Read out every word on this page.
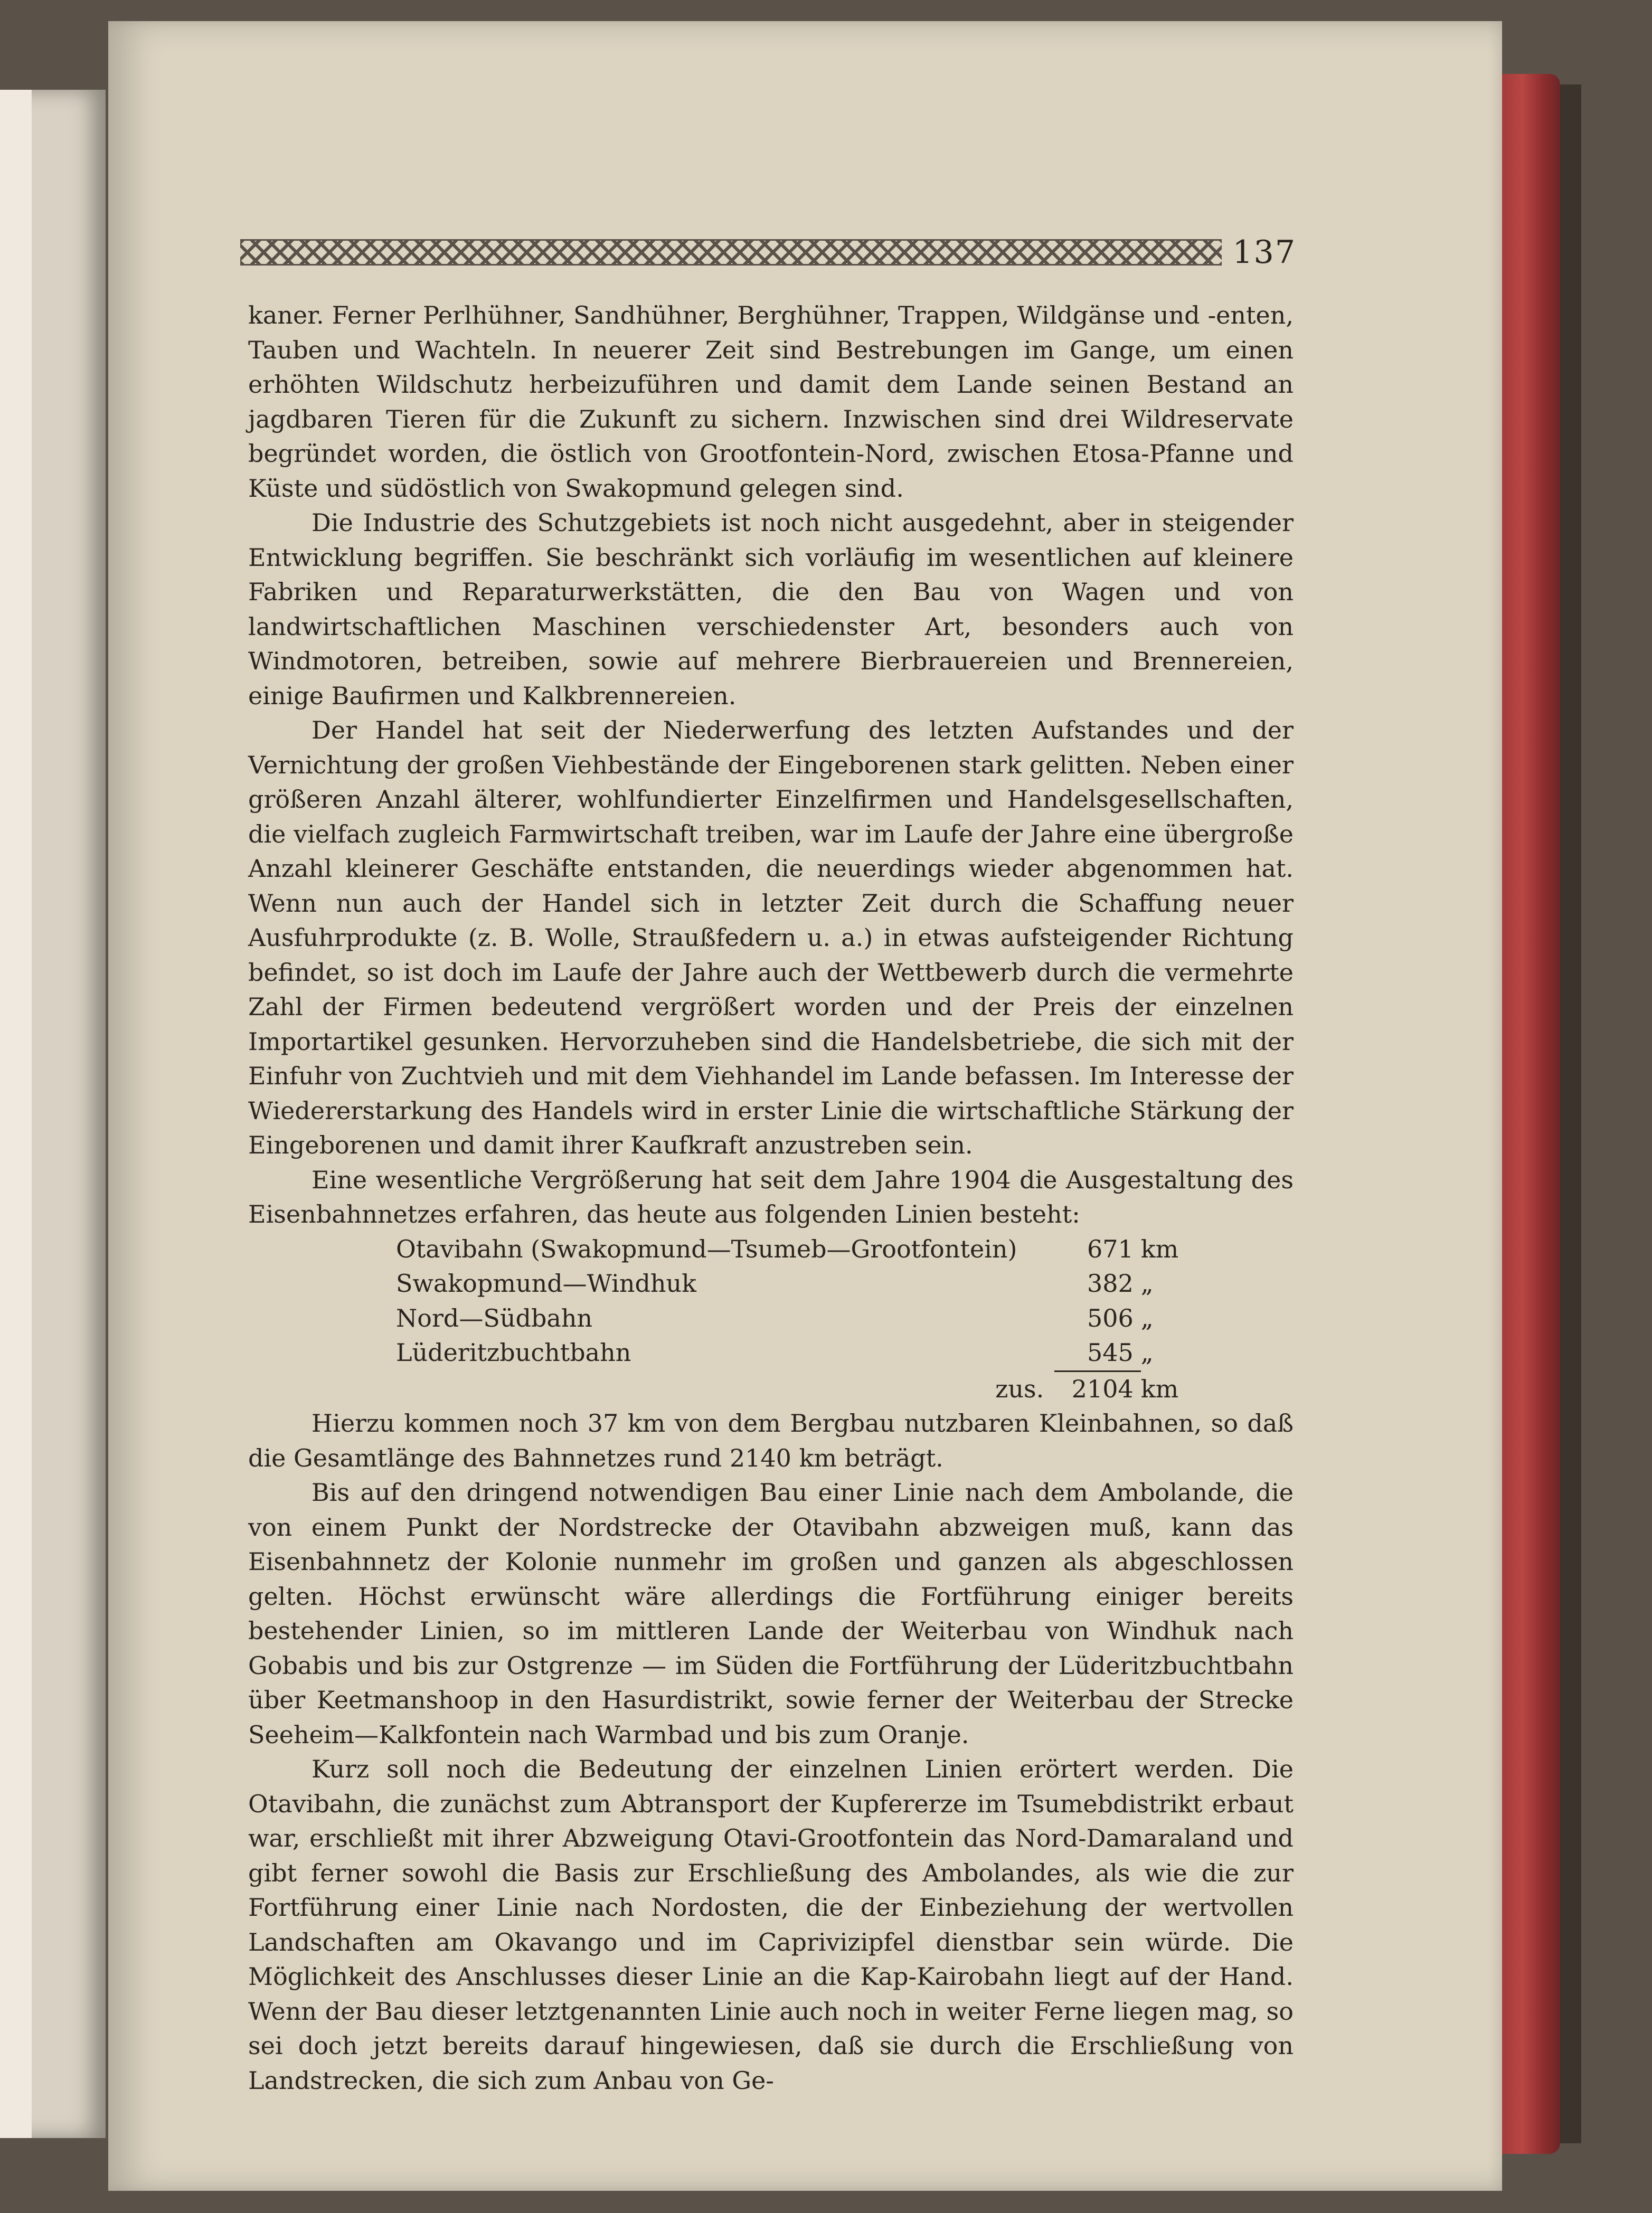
137

kaner. Ferner Perlhühner, Sandhühner, Berghühner, Trappen, Wildgänse und -enten, Tauben und Wachteln. In neuerer Zeit sind Bestrebungen im Gange, um einen erhöhten Wildschutz herbeizuführen und damit dem Lande seinen Bestand an jagdbaren Tieren für die Zukunft zu sichern. Inzwischen sind drei Wildreservate begründet worden, die östlich von Grootfontein-Nord, zwischen Etosa-Pfanne und Küste und südöstlich von Swakopmund gelegen sind.

Die Industrie des Schutzgebiets ist noch nicht ausgedehnt, aber in steigender Entwicklung begriffen. Sie beschränkt sich vorläufig im wesentlichen auf kleinere Fabriken und Reparaturwerkstätten, die den Bau von Wagen und von landwirtschaftlichen Maschinen verschiedenster Art, besonders auch von Windmotoren, betreiben, sowie auf mehrere Bierbrauereien und Brennereien, einige Baufirmen und Kalkbrennereien.

Der Handel hat seit der Niederwerfung des letzten Aufstandes und der Vernichtung der großen Viehbestände der Eingeborenen stark gelitten. Neben einer größeren Anzahl älterer, wohlfundierter Einzelfirmen und Handelsgesellschaften, die vielfach zugleich Farmwirtschaft treiben, war im Laufe der Jahre eine übergroße Anzahl kleinerer Geschäfte entstanden, die neuerdings wieder abgenommen hat. Wenn nun auch der Handel sich in letzter Zeit durch die Schaffung neuer Ausfuhrprodukte (z. B. Wolle, Straußfedern u. a.) in etwas aufsteigender Richtung befindet, so ist doch im Laufe der Jahre auch der Wettbewerb durch die vermehrte Zahl der Firmen bedeutend vergrößert worden und der Preis der einzelnen Importartikel gesunken. Hervorzuheben sind die Handelsbetriebe, die sich mit der Einfuhr von Zuchtvieh und mit dem Viehhandel im Lande befassen. Im Interesse der Wiedererstarkung des Handels wird in erster Linie die wirtschaftliche Stärkung der Eingeborenen und damit ihrer Kaufkraft anzustreben sein.

Eine wesentliche Vergrößerung hat seit dem Jahre 1904 die Ausgestaltung des Eisenbahnnetzes erfahren, das heute aus folgenden Linien besteht:

Otavibahn (Swakopmund—Tsumeb—Grootfontein)	671	km
Swakopmund—Windhuk	382	„
Nord—Südbahn	506	„
Lüderitzbuchtbahn	545	„
zus.	2104	km

Hierzu kommen noch 37 km von dem Bergbau nutzbaren Kleinbahnen, so daß die Gesamtlänge des Bahnnetzes rund 2140 km beträgt.

Bis auf den dringend notwendigen Bau einer Linie nach dem Ambolande, die von einem Punkt der Nordstrecke der Otavibahn abzweigen muß, kann das Eisenbahnnetz der Kolonie nunmehr im großen und ganzen als abgeschlossen gelten. Höchst erwünscht wäre allerdings die Fortführung einiger bereits bestehender Linien, so im mittleren Lande der Weiterbau von Windhuk nach Gobabis und bis zur Ostgrenze — im Süden die Fortführung der Lüderitzbuchtbahn über Keetmanshoop in den Hasurdistrikt, sowie ferner der Weiterbau der Strecke Seeheim—Kalkfontein nach Warmbad und bis zum Oranje.

Kurz soll noch die Bedeutung der einzelnen Linien erörtert werden. Die Otavibahn, die zunächst zum Abtransport der Kupfererze im Tsumebdistrikt erbaut war, erschließt mit ihrer Abzweigung Otavi-Grootfontein das Nord-Damaraland und gibt ferner sowohl die Basis zur Erschließung des Ambolandes, als wie die zur Fortführung einer Linie nach Nordosten, die der Einbeziehung der wertvollen Landschaften am Okavango und im Caprivizipfel dienstbar sein würde. Die Möglichkeit des Anschlusses dieser Linie an die Kap-Kairobahn liegt auf der Hand. Wenn der Bau dieser letztgenannten Linie auch noch in weiter Ferne liegen mag, so sei doch jetzt bereits darauf hingewiesen, daß sie durch die Erschließung von Landstrecken, die sich zum Anbau von Ge-
